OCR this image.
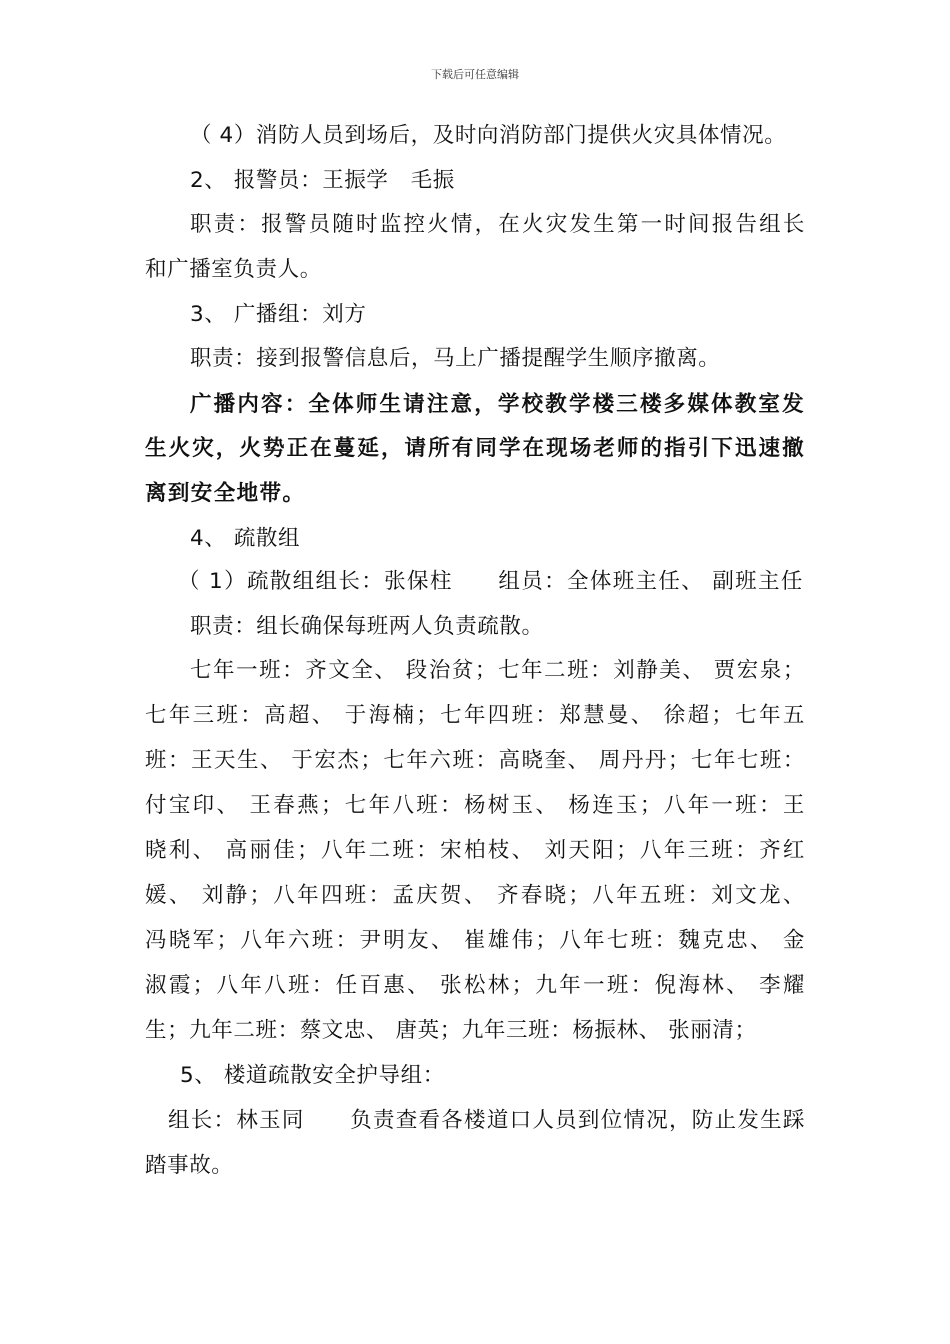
下载后可任意编辑
（ 4）消防人员到场后，及时向消防部门提供火灾具体情况。
2、 报警员：王振学　毛振
职责：报警员随时监控火情，在火灾发生第一时间报告组长
和广播室负责人。
3、 广播组：刘方
职责：接到报警信息后，马上广播提醒学生顺序撤离。
广播内容：全体师生请注意，学校教学楼三楼多媒体教室发
生火灾，火势正在蔓延，请所有同学在现场老师的指引下迅速撤
离到安全地带。
4、 疏散组
（ 1）疏散组组长：张保柱　　组员：全体班主任、 副班主任
职责：组长确保每班两人负责疏散。
七年一班：齐文全、 段治贫；七年二班：刘静美、 贾宏泉；
七年三班：高超、 于海楠；七年四班：郑慧曼、 徐超；七年五
班：王天生、 于宏杰；七年六班：高晓奎、 周丹丹；七年七班：
付宝印、 王春燕；七年八班：杨树玉、 杨连玉；八年一班：王
晓利、 高丽佳；八年二班：宋柏枝、 刘天阳；八年三班：齐红
媛、 刘静；八年四班：孟庆贺、 齐春晓；八年五班：刘文龙、
冯晓军；八年六班：尹明友、 崔雄伟；八年七班：魏克忠、 金
淑霞；八年八班：任百惠、 张松林；九年一班：倪海林、 李耀
生；九年二班：蔡文忠、 唐英；九年三班：杨振林、 张丽清；
5、 楼道疏散安全护导组：
组长：林玉同　　负责查看各楼道口人员到位情况，防止发生踩
踏事故。
